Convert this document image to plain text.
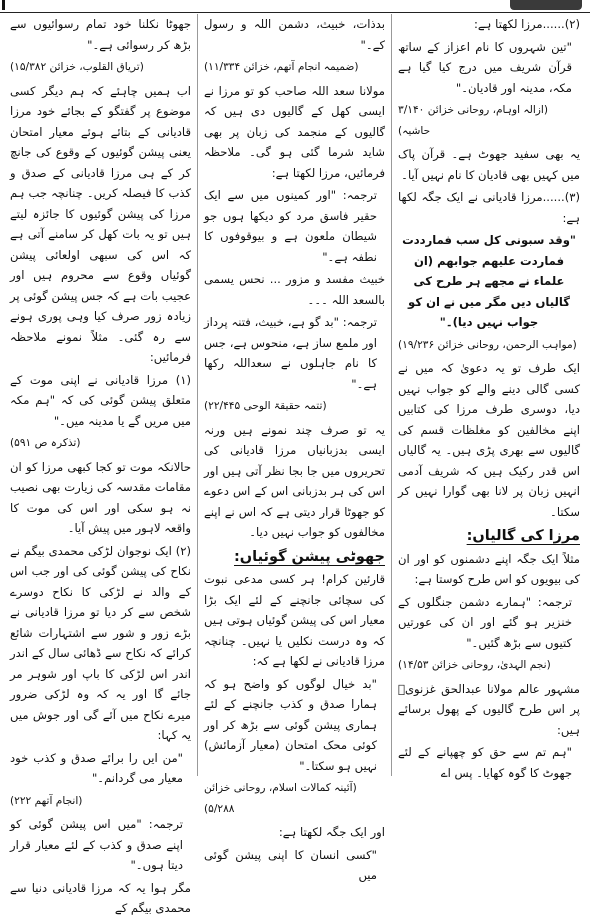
(۲)......مرزا لکھتا ہے:

"تین شہروں کا نام اعزاز کے ساتھ قرآن شریف میں درج کیا گیا ہے مکہ، مدینہ اور قادیان۔"

(ازالہ اوہام، روحانی خزائن ۳/۱۴۰ حاشیہ)

یہ بھی سفید جھوٹ ہے۔ قرآن پاک میں کہیں بھی قادیان کا نام نہیں آیا۔

(۳)......مرزا قادیانی نے ایک جگہ لکھا ہے:

"وقد سبونی کل سب فمارددت فماردت علیھم جوابھم (ان علماء نے مجھے ہر طرح کی گالیاں دیں مگر میں نے ان کو جواب نہیں دیا)۔"

(مواہب الرحمن، روحانی خزائن ۱۹/۲۳۶)

ایک طرف تو یہ دعویٰ کہ میں نے کسی گالی دینے والے کو جواب نہیں دیا، دوسری طرف مرزا کی کتابیں اپنے مخالفین کو مغلظات قسم کی گالیوں سے بھری پڑی ہیں۔ یہ گالیاں اس قدر رکیک ہیں کہ شریف آدمی انہیں زبان پر لانا بھی گوارا نہیں کر سکتا۔

مرزا کی گالیاں:

مثلاً ایک جگہ اپنے دشمنوں کو اور ان کی بیویوں کو اس طرح کوستا ہے:

ترجمہ: "ہمارے دشمن جنگلوں کے خنزیر ہو گئے اور ان کی عورتیں کتیوں سے بڑھ گئیں۔"

(نجم الہدیٰ، روحانی خزائن ۱۴/۵۳)

مشہور عالم مولانا عبدالحق غزنویؒ پر اس طرح گالیوں کے پھول برسائے ہیں:

"ہم تم سے حق کو چھپانے کے لئے جھوٹ کا گوہ کھایا۔ پس اے

بدذات، خبیث، دشمن اللہ و رسول کے۔"

(ضمیمہ انجام آتھم، خزائن ۱۱/۳۳۴)

مولانا سعد اللہ صاحب کو تو مرزا نے ایسی کھل کے گالیوں دی ہیں کہ گالیوں کے منجمد کی زبان پر بھی شاید شرما گئی ہو گی۔ ملاحظہ فرمائیں، مرزا لکھتا ہے:

ترجمہ: "اور کمینوں میں سے ایک حقیر فاسق مرد کو دیکھا ہوں جو شیطان ملعون ہے و بیوقوفوں کا نطفہ ہے۔"

خبیث مفسد و مزور ... نحس یسمی بالسعد اللہ ۔۔۔

ترجمہ: "بد گو ہے، خبیث، فتنہ پرداز اور ملمع ساز ہے، منحوس ہے، جس کا نام جاہلوں نے سعداللہ رکھا ہے۔"

(تتمہ حقیقۃ الوحی ۲۲/۴۴۵)

یہ تو صرف چند نمونے ہیں ورنہ ایسی بدزبانیاں مرزا قادیانی کی تحریروں میں جا بجا نظر آتی ہیں اور اس کی ہر بدزبانی اس کے اس دعوے کو جھوٹا قرار دیتی ہے کہ اس نے اپنے مخالفوں کو جواب نہیں دیا۔

جھوٹی پیشن گوئیاں:

قارئین کرام! ہر کسی مدعی نبوت کی سچائی جانچنے کے لئے ایک بڑا معیار اس کی پیشن گوئیاں ہوتی ہیں کہ وہ درست نکلیں یا نہیں۔ چنانچہ مرزا قادیانی نے لکھا ہے کہ:

"بد خیال لوگوں کو واضح ہو کہ ہمارا صدق و کذب جانچنے کے لئے ہماری پیشن گوئی سے بڑھ کر اور کوئی محک امتحان (معیار آزمائش) نہیں ہو سکتا۔"

(آئینہ کمالات اسلام، روحانی خزائن ۵/۲۸۸)

اور ایک جگہ لکھتا ہے:

"کسی انسان کا اپنی پیشن گوئی میں

جھوٹا نکلنا خود تمام رسوائیوں سے بڑھ کر رسوائی ہے۔"

(تریاق القلوب، خزائن ۱۵/۳۸۲)

اب ہمیں چاہئے کہ ہم دیگر کسی موضوع پر گفتگو کے بجائے خود مرزا قادیانی کے بتائے ہوئے معیار امتحان یعنی پیشن گوئیوں کے وقوع کی جانچ کر کے ہی مرزا قادیانی کے صدق و کذب کا فیصلہ کریں۔ چنانچہ جب ہم مرزا کی پیشن گوئیوں کا جائزہ لیتے ہیں تو یہ بات کھل کر سامنے آتی ہے کہ اس کی سبھی اولعائی پیشن گوئیاں وقوع سے محروم ہیں اور عجیب بات ہے کہ جس پیشن گوئی پر زیادہ زور صرف کیا وہی پوری ہونے سے رہ گئی۔ مثلاً نمونے ملاحظہ فرمائیں:

(۱) مرزا قادیانی نے اپنی موت کے متعلق پیشن گوئی کی کہ "ہم مکہ میں مریں گے یا مدینہ میں۔"

(تذکرہ ص ۵۹۱)

حالانکہ موت تو کجا کبھی مرزا کو ان مقامات مقدسہ کی زیارت بھی نصیب نہ ہو سکی اور اس کی موت کا واقعہ لاہور میں پیش آیا۔

(۲) ایک نوجوان لڑکی محمدی بیگم نے نکاح کی پیشن گوئی کی اور جب اس کے والد نے لڑکی کا نکاح دوسرے شخص سے کر دیا تو مرزا قادیانی نے بڑے زور و شور سے اشتہارات شائع کرائے کہ نکاح سے ڈھائی سال کے اندر اندر اس لڑکی کا باپ اور شوہر مر جائے گا اور یہ کہ وہ لڑکی ضرور میرے نکاح میں آئے گی اور جوش میں یہ کہا:

"من ایں را برائے صدق و کذب خود معیار می گردانم۔"

(انجام آتھم ۲۲۲)

ترجمہ: "میں اس پیشن گوئی کو اپنے صدق و کذب کے لئے معیار قرار دیتا ہوں۔"

مگر ہوا یہ کہ مرزا قادیانی دنیا سے محمدی بیگم کے
